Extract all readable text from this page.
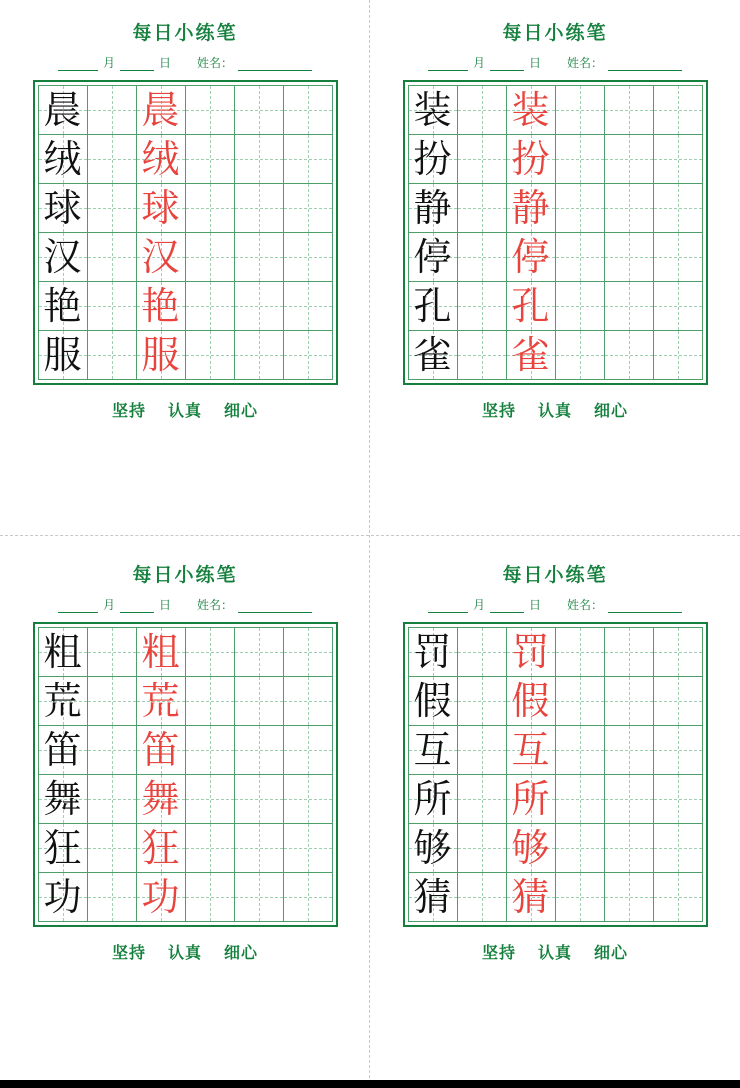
每日小练笔
月	日 姓名：
晨		晨			

绒		绒			

球		球			

汉		汉			

艳		艳			

服		服			

坚持 认真 细心
每日小练笔
月	日 姓名：
装		装			

扮		扮			

静		静			

停		停			

孔		孔			

雀		雀			

坚持 认真 细心
每日小练笔
月	日 姓名：
粗		粗			

荒		荒			

笛		笛			

舞		舞			

狂		狂			

功		功			

坚持 认真 细心
每日小练笔
月	日 姓名：
罚		罚			

假		假			

互		互			

所		所			

够		够			

猜		猜			

坚持 认真 细心
